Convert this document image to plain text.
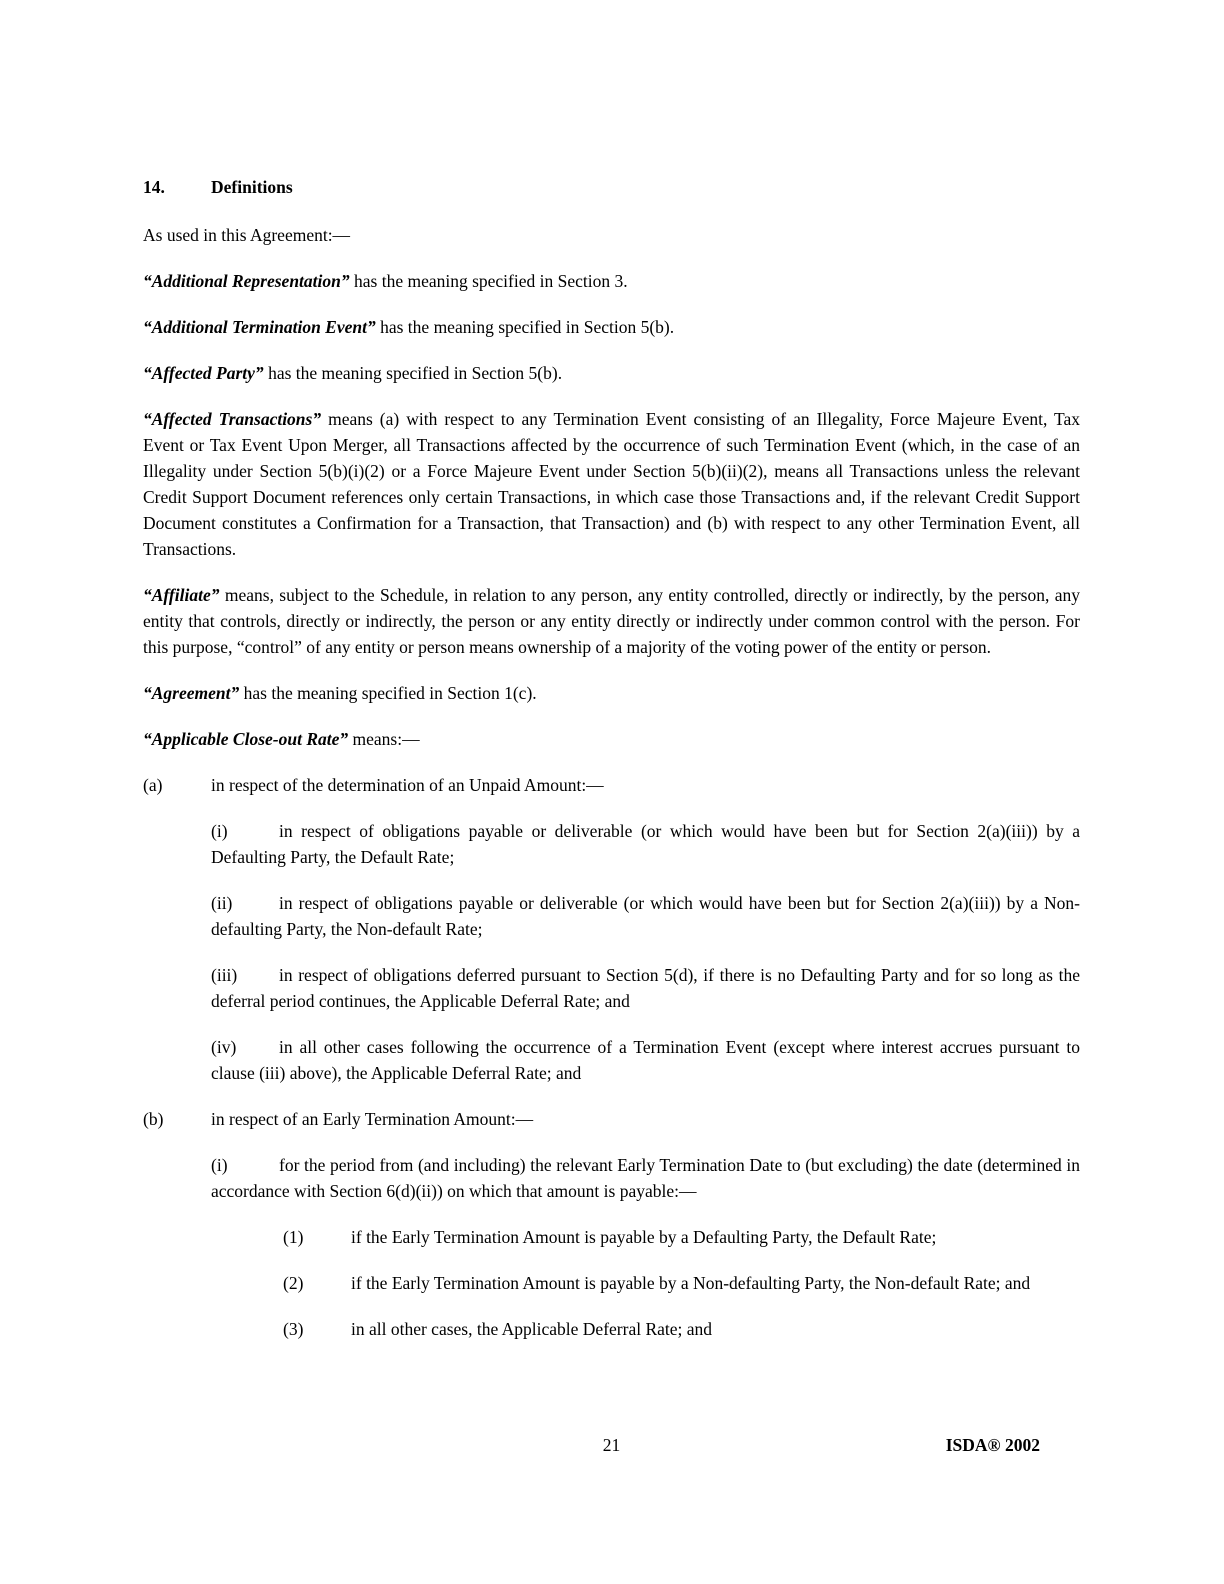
14.	Definitions

As used in this Agreement:—

“Additional Representation” has the meaning specified in Section 3.

“Additional Termination Event” has the meaning specified in Section 5(b).

“Affected Party” has the meaning specified in Section 5(b).

“Affected Transactions” means (a) with respect to any Termination Event consisting of an Illegality, Force Majeure Event, Tax Event or Tax Event Upon Merger, all Transactions affected by the occurrence of such Termination Event (which, in the case of an Illegality under Section 5(b)(i)(2) or a Force Majeure Event under Section 5(b)(ii)(2), means all Transactions unless the relevant Credit Support Document references only certain Transactions, in which case those Transactions and, if the relevant Credit Support Document constitutes a Confirmation for a Transaction, that Transaction) and (b) with respect to any other Termination Event, all Transactions.

“Affiliate” means, subject to the Schedule, in relation to any person, any entity controlled, directly or indirectly, by the person, any entity that controls, directly or indirectly, the person or any entity directly or indirectly under common control with the person. For this purpose, “control” of any entity or person means ownership of a majority of the voting power of the entity or person.

“Agreement” has the meaning specified in Section 1(c).

“Applicable Close-out Rate” means:—

(a)	in respect of the determination of an Unpaid Amount:—
(i)	in respect of obligations payable or deliverable (or which would have been but for Section 2(a)(iii)) by a Defaulting Party, the Default Rate;
(ii)	in respect of obligations payable or deliverable (or which would have been but for Section 2(a)(iii)) by a Non-defaulting Party, the Non-default Rate;
(iii) in respect of obligations deferred pursuant to Section 5(d), if there is no Defaulting Party and for so long as the deferral period continues, the Applicable Deferral Rate; and
(iv) in all other cases following the occurrence of a Termination Event (except where interest accrues pursuant to clause (iii) above), the Applicable Deferral Rate; and
(b)	in respect of an Early Termination Amount:—
(i)	for the period from (and including) the relevant Early Termination Date to (but excluding) the date (determined in accordance with Section 6(d)(ii)) on which that amount is payable:—
(1)	if the Early Termination Amount is payable by a Defaulting Party, the Default Rate;
(2)	if the Early Termination Amount is payable by a Non-defaulting Party, the Non-default Rate; and
(3)	in all other cases, the Applicable Deferral Rate; and
21	ISDA® 2002
